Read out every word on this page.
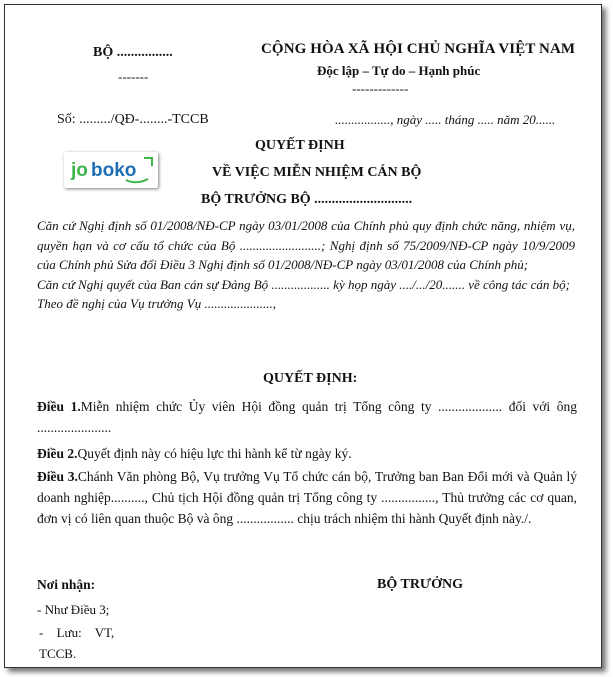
BỘ ................
-------
CỘNG HÒA XÃ HỘI CHỦ NGHĨA VIỆT NAM
Độc lập – Tự do – Hạnh phúc
-------------
Số: ........./QĐ-........-TCCB	................., ngày ..... tháng ..... năm 20......
jo boko
QUYẾT ĐỊNH
VỀ VIỆC MIỄN NHIỆM CÁN BỘ
BỘ TRƯỞNG BỘ ............................

Căn cứ Nghị định số 01/2008/NĐ-CP ngày 03/01/2008 của Chính phủ quy định chức năng, nhiệm vụ, quyền hạn và cơ cấu tổ chức của Bộ .........................; Nghị định số 75/2009/NĐ-CP ngày 10/9/2009 của Chính phủ Sửa đổi Điều 3 Nghị định số 01/2008/NĐ-CP ngày 03/01/2008 của Chính phủ;

Căn cứ Nghị quyết của Ban cán sự Đảng Bộ .................. kỳ họp ngày ..../.../20....... về công tác cán bộ;

Theo đề nghị của Vụ trưởng Vụ .....................,

QUYẾT ĐỊNH:
Điều 1.Miễn nhiệm chức Ủy viên Hội đồng quản trị Tổng công ty ................... đối với ông ......................
Điều 2.Quyết định này có hiệu lực thi hành kể từ ngày ký.
Điều 3.Chánh Văn phòng Bộ, Vụ trưởng Vụ Tổ chức cán bộ, Trưởng ban Ban Đổi mới và Quản lý doanh nghiệp.........., Chủ tịch Hội đồng quản trị Tổng công ty ................, Thủ trưởng các cơ quan, đơn vị có liên quan thuộc Bộ và ông ................. chịu trách nhiệm thi hành Quyết định này./.
Nơi nhận:	BỘ TRƯỞNG
- Như Điều 3;
- Lưu: VT,
TCCB.
